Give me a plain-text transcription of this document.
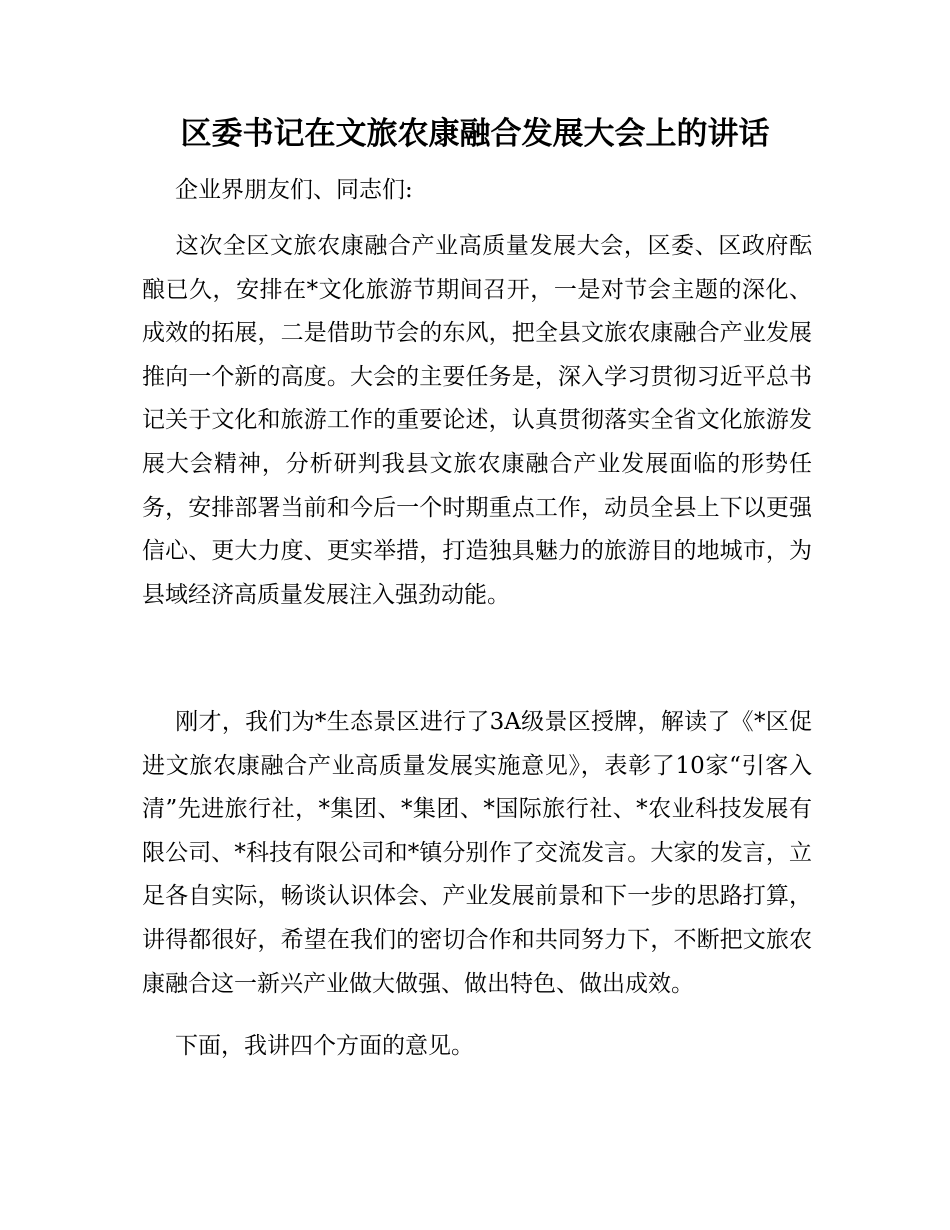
区委书记在文旅农康融合发展大会上的讲话

企业界朋友们、同志们:

这次全区文旅农康融合产业高质量发展大会，区委、区政府酝酿已久，安排在*文化旅游节期间召开，一是对节会主题的深化、成效的拓展，二是借助节会的东风，把全县文旅农康融合产业发展推向一个新的高度。大会的主要任务是，深入学习贯彻习近平总书记关于文化和旅游工作的重要论述，认真贯彻落实全省文化旅游发展大会精神，分析研判我县文旅农康融合产业发展面临的形势任务，安排部署当前和今后一个时期重点工作，动员全县上下以更强信心、更大力度、更实举措，打造独具魅力的旅游目的地城市，为县域经济高质量发展注入强劲动能。

刚才，我们为*生态景区进行了3A级景区授牌，解读了《*区促进文旅农康融合产业高质量发展实施意见》，表彰了10家“引客入清”先进旅行社，*集团、*集团、*国际旅行社、*农业科技发展有限公司、*科技有限公司和*镇分别作了交流发言。大家的发言，立足各自实际，畅谈认识体会、产业发展前景和下一步的思路打算，讲得都很好，希望在我们的密切合作和共同努力下，不断把文旅农康融合这一新兴产业做大做强、做出特色、做出成效。

下面，我讲四个方面的意见。
